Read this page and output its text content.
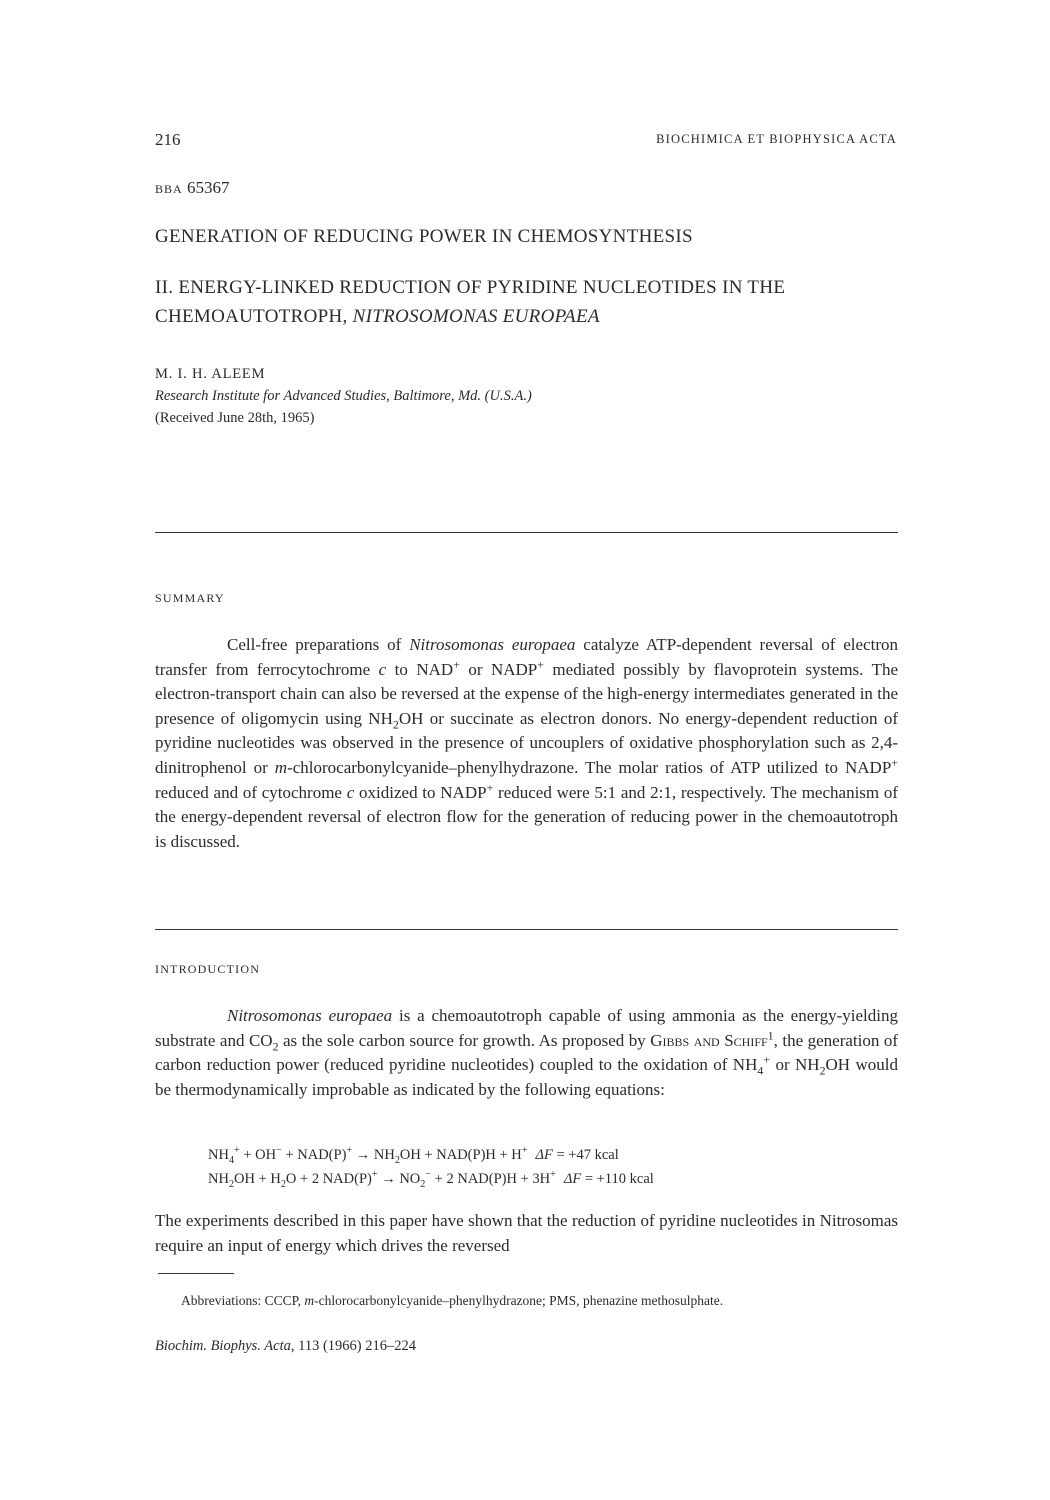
216	BIOCHIMICA ET BIOPHYSICA ACTA
BBA 65367
GENERATION OF REDUCING POWER IN CHEMOSYNTHESIS
II. ENERGY-LINKED REDUCTION OF PYRIDINE NUCLEOTIDES IN THE CHEMOAUTOTROPH, NITROSOMONAS EUROPAEA
M. I. H. ALEEM
Research Institute for Advanced Studies, Baltimore, Md. (U.S.A.)
(Received June 28th, 1965)
SUMMARY

Cell-free preparations of Nitrosomonas europaea catalyze ATP-dependent reversal of electron transfer from ferrocytochrome c to NAD+ or NADP+ mediated possibly by flavoprotein systems. The electron-transport chain can also be reversed at the expense of the high-energy intermediates generated in the presence of oligomycin using $NH_2OH$ or succinate as electron donors. No energy-dependent reduction of pyridine nucleotides was observed in the presence of uncouplers of oxidative phosphorylation such as 2,4-dinitrophenol or m-chlorocarbonylcyanide–phenylhydrazone. The molar ratios of ATP utilized to NADP+ reduced and of cytochrome c oxidized to NADP+ reduced were 5:1 and 2:1, respectively. The mechanism of the energy-dependent reversal of electron flow for the generation of reducing power in the chemoautotroph is discussed.

INTRODUCTION

Nitrosomonas europaea is a chemoautotroph capable of using ammonia as the energy-yielding substrate and $CO_2$ as the sole carbon source for growth. As proposed by Gibbs and Schiff$^1$, the generation of carbon reduction power (reduced pyridine nucleotides) coupled to the oxidation of $NH_4^+$ or $NH_2OH$ would be thermodynamically improbable as indicated by the following equations:

$NH_4^+ + OH^- + NAD(P)^+ \to NH_2OH + NAD(P)H + H^+$ ΔF = +47 kcal
$NH_2OH + H_2O + 2$ $NAD(P)^+ \to NO_2^- + 2$ NAD(P)H + 3H+ ΔF = +110 kcal

The experiments described in this paper have shown that the reduction of pyridine nucleotides in Nitrosomas require an input of energy which drives the reversed

Abbreviations: CCCP, m-chlorocarbonylcyanide–phenylhydrazone; PMS, phenazine methosulphate.

Biochim. Biophys. Acta, 113 (1966) 216–224
